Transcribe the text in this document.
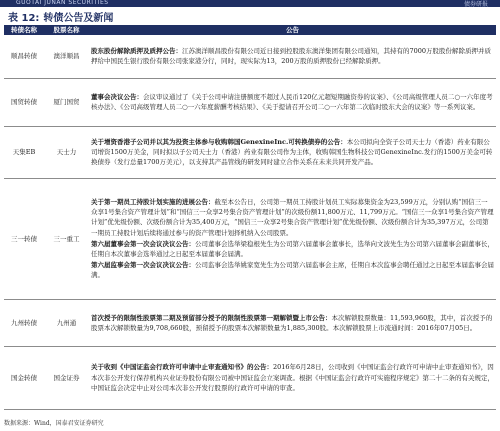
GUOTAI JUNAN SECURITIES	债券研报
表 12: 转债公告及新闻
转债名称	股票名称	公告
顺昌转债	澳洋顺昌	股东股份解除质押及质押公告：江苏澳洋顺昌股份有限公司近日接到控股股东澳洋集团有限公司通知，其持有的7000万股股份解除质押并质押给中国民生银行股份有限公司张家港分行，同时，现实际为13，200万股的质押股份已经解除质押。

国贸转债	厦门国贸	董事会决议公告：会议审议通过了《关于公司申请注册额度不超过人民币120亿元超短期融资券的议案》、《公司高级管理人员二○一六年度考核办法》、《公司高级管理人员二○一六年度薪酬考核结果》、《关于提请召开公司二○一六年第二次临时股东大会的议案》等一系列议案。

天集EB	天士力	关于增资香港子公司并以其为投资主体参与收购韩国GenexineInc.可转换债券的公告：本公司拟向全资子公司天士力（香港）药业有限公司增资1500万美金，同时拟以子公司天士力（香港）药业有限公司作为主体，收购韩国生物科技公司GenexineInc.发行的1500万美金可转换债券（发行总量1700万美元），以支持其产品管线的研发同时建立合作关系在未来共同开发产品。

三一转债	三一重工	关于第一期员工持股计划实施的进展公告：截至本公告日，公司第一期员工持股计划员工实际募集资金为23,599万元，分别认购“国信三一众享1号集合资产管理计划”和“国信三一众享2号集合资产管理计划”的次级份额11,800万元、11,799万元。“国信三一众享1号集合资产管理计划”优先级份额、次级份额合计为35,400万元，“国信三一众享2号集合资产管理计划”优先级份额、次级份额合计为35,397万元，公司第一期员工持股计划后续将通过参与的资产管理计划择机纳入公司股票。

第六届董事会第一次会议决议公告：公司董事会选举梁稳根先生为公司第六届董事会董事长，选举向文波先生为公司第六届董事会副董事长，任期自本次董事会选举通过之日起至本届董事会届满。

第六届监事会第一次会议决议公告：公司监事会选举姚家宽先生为公司第六届监事会主席，任期自本次监事会聘任通过之日起至本届监事会届满。

九州转债	九州通	首次授予的限制性股票第二期及预留部分授予的限制性股票第一期解锁暨上市公告：本次解锁股票数量：11,593,960股，其中，首次授予的股票本次解锁数量为9,708,660股，预留授予的股票本次解锁数量为1,885,300股。本次解锁股票上市流通时间：2016年07月05日。

国金转债	国金证券	关于收到《中国证监会行政许可申请中止审查通知书》的公告：2016年6月28日，公司收到《中国证监会行政许可申请中止审查通知书》，因本次非公开发行保荐机构兴业证券股份有限公司被中国证监会立案调查。根据《中国证监会行政许可实施程序规定》第二十二条的有关规定，中国证监会决定中止对公司本次非公开发行股票的行政许可申请的审查。

数据来源：Wind，国泰君安证券研究
